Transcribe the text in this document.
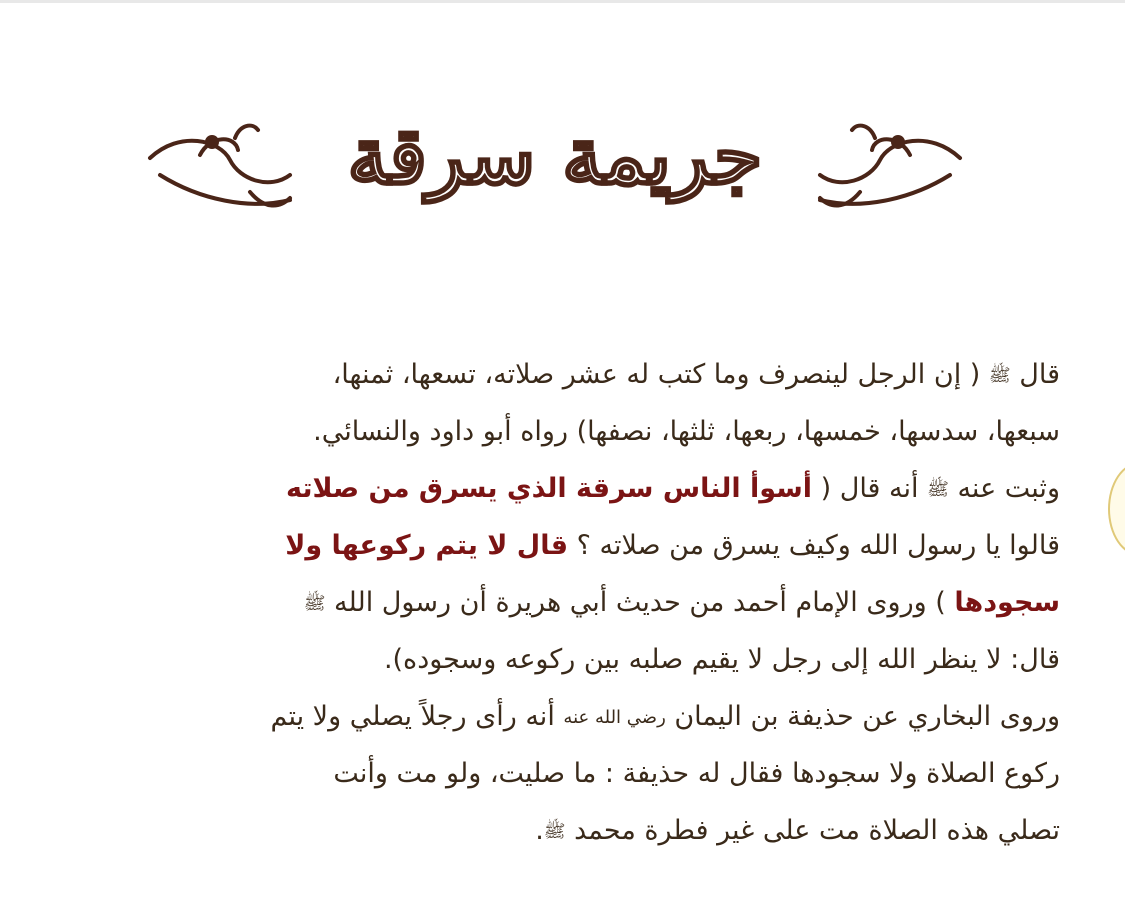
جريمة سرقة
قال ﷺ ( إن الرجل لينصرف وما كتب له عشر صلاته، تسعها، ثمنها،
سبعها، سدسها، خمسها، ربعها، ثلثها، نصفها) رواه أبو داود والنسائي.
وثبت عنه ﷺ أنه قال ( أسوأ الناس سرقة الذي يسرق من صلاته
قالوا يا رسول الله وكيف يسرق من صلاته ؟ قال لا يتم ركوعها ولا
سجودها ) وروى الإمام أحمد من حديث أبي هريرة أن رسول الله ﷺ
قال: لا ينظر الله إلى رجل لا يقيم صلبه بين ركوعه وسجوده).
وروى البخاري عن حذيفة بن اليمان رضي الله عنه أنه رأى رجلاً يصلي ولا يتم
ركوع الصلاة ولا سجودها فقال له حذيفة : ما صليت، ولو مت وأنت
تصلي هذه الصلاة مت على غير فطرة محمد ﷺ.
